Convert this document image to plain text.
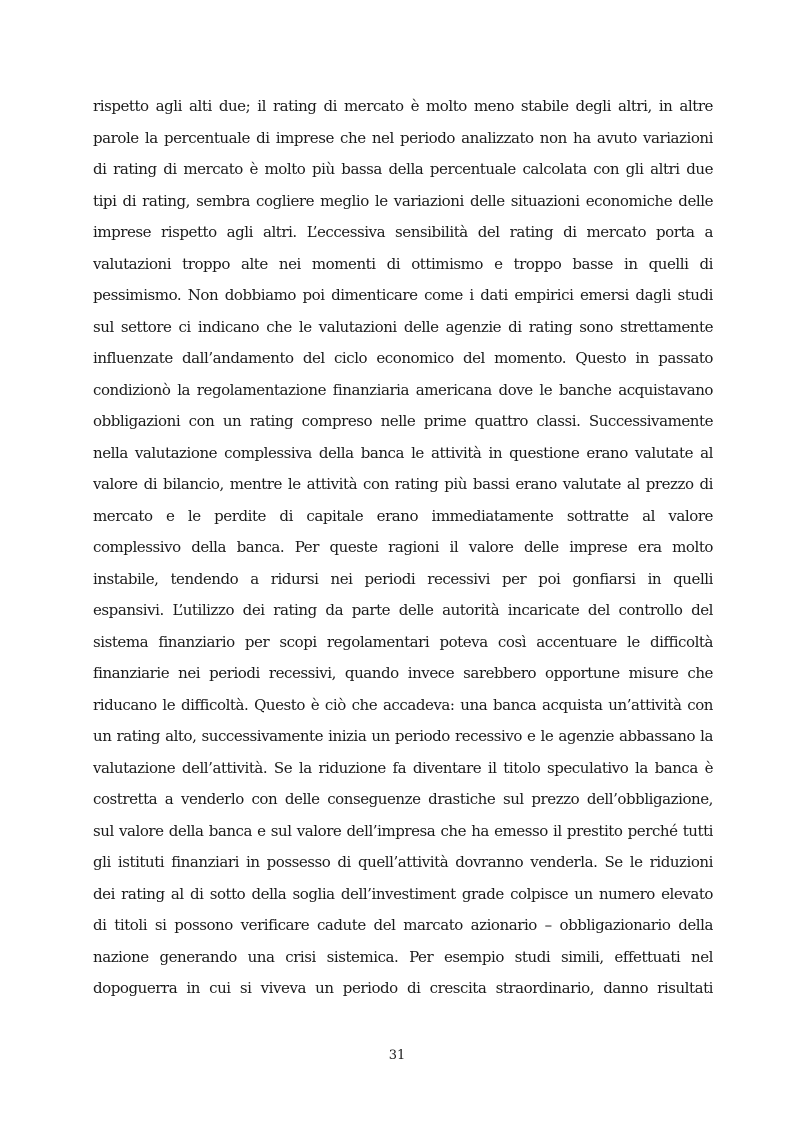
rispetto agli alti due; il rating di mercato è molto meno stabile degli altri, in altre
parole la percentuale di imprese che nel periodo analizzato non ha avuto variazioni
di rating di mercato è molto più bassa della percentuale calcolata con gli altri due
tipi di rating, sembra cogliere meglio le variazioni delle situazioni economiche delle
imprese rispetto agli altri. L’eccessiva sensibilità del rating di mercato porta a
valutazioni troppo alte nei momenti di ottimismo e troppo basse in quelli di
pessimismo. Non dobbiamo poi dimenticare come i dati empirici emersi dagli studi
sul settore ci indicano che le valutazioni delle agenzie di rating sono strettamente
influenzate dall’andamento del ciclo economico del momento. Questo in passato
condizionò la regolamentazione finanziaria americana dove le banche acquistavano
obbligazioni con un rating compreso nelle prime quattro classi. Successivamente
nella valutazione complessiva della banca le attività in questione erano valutate al
valore di bilancio, mentre le attività con rating più bassi erano valutate al prezzo di
mercato e le perdite di capitale erano immediatamente sottratte al valore
complessivo della banca. Per queste ragioni il valore delle imprese era molto
instabile, tendendo a ridursi nei periodi recessivi per poi gonfiarsi in quelli
espansivi. L’utilizzo dei rating da parte delle autorità incaricate del controllo del
sistema finanziario per scopi regolamentari poteva così accentuare le difficoltà
finanziarie nei periodi recessivi, quando invece sarebbero opportune misure che
riducano le difficoltà. Questo è ciò che accadeva: una banca acquista un’attività con
un rating alto, successivamente inizia un periodo recessivo e le agenzie abbassano la
valutazione dell’attività. Se la riduzione fa diventare il titolo speculativo la banca è
costretta a venderlo con delle conseguenze drastiche sul prezzo dell’obbligazione,
sul valore della banca e sul valore dell’impresa che ha emesso il prestito perché tutti
gli istituti finanziari in possesso di quell’attività dovranno venderla. Se le riduzioni
dei rating al di sotto della soglia dell’investiment grade colpisce un numero elevato
di titoli si possono verificare cadute del marcato azionario – obbligazionario della
nazione generando una crisi sistemica. Per esempio studi simili, effettuati nel
dopoguerra in cui si viveva un periodo di crescita straordinario, danno risultati
31
